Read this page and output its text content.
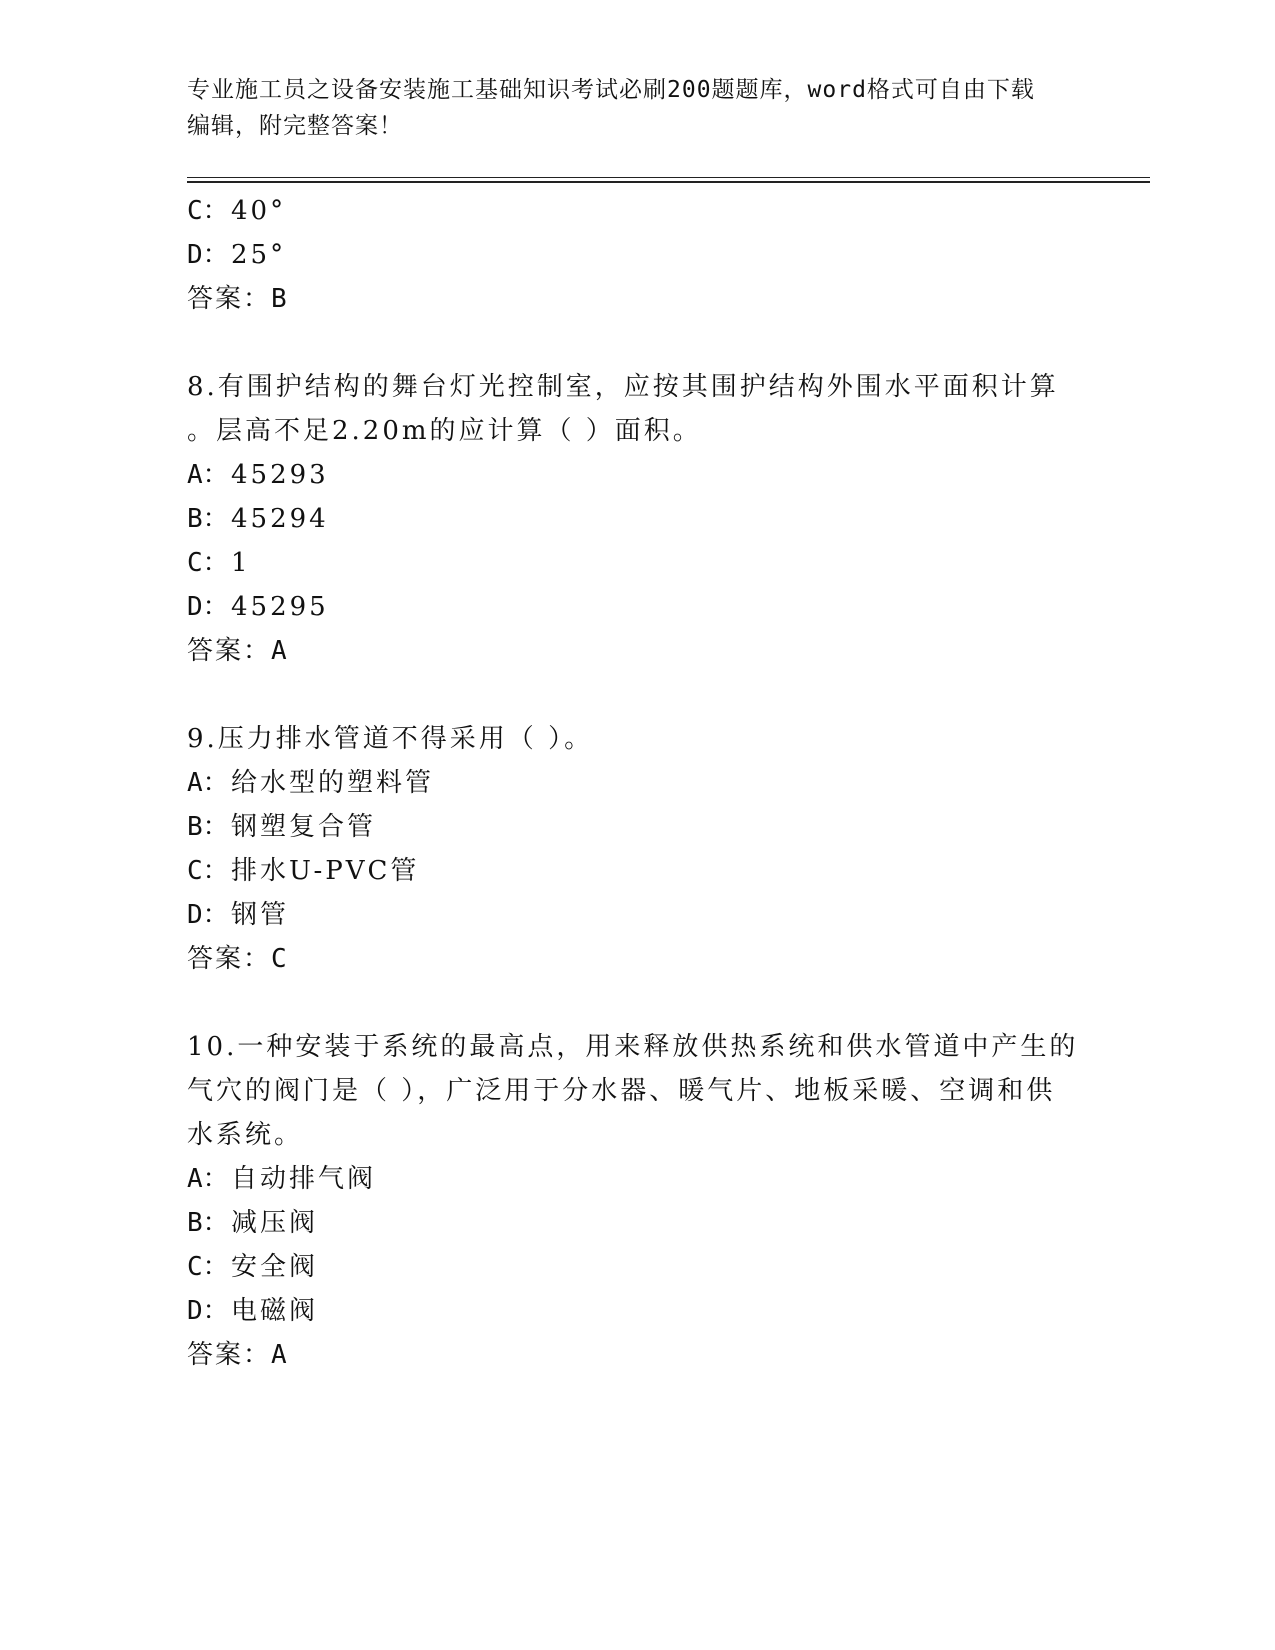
专业施工员之设备安装施工基础知识考试必刷200题题库，word格式可自由下载
编辑，附完整答案！
C：40°
D：25°
答案：B
8.有围护结构的舞台灯光控制室，应按其围护结构外围水平面积计算
。层高不足2.20m的应计算（ ）面积。
A：45293
B：45294
C：1
D：45295
答案：A
9.压力排水管道不得采用（ ）。
A：给水型的塑料管
B：钢塑复合管
C：排水U-PVC管
D：钢管
答案：C
10.一种安装于系统的最高点，用来释放供热系统和供水管道中产生的
气穴的阀门是（ ），广泛用于分水器、暖气片、地板采暖、空调和供
水系统。
A：自动排气阀
B：减压阀
C：安全阀
D：电磁阀
答案：A
